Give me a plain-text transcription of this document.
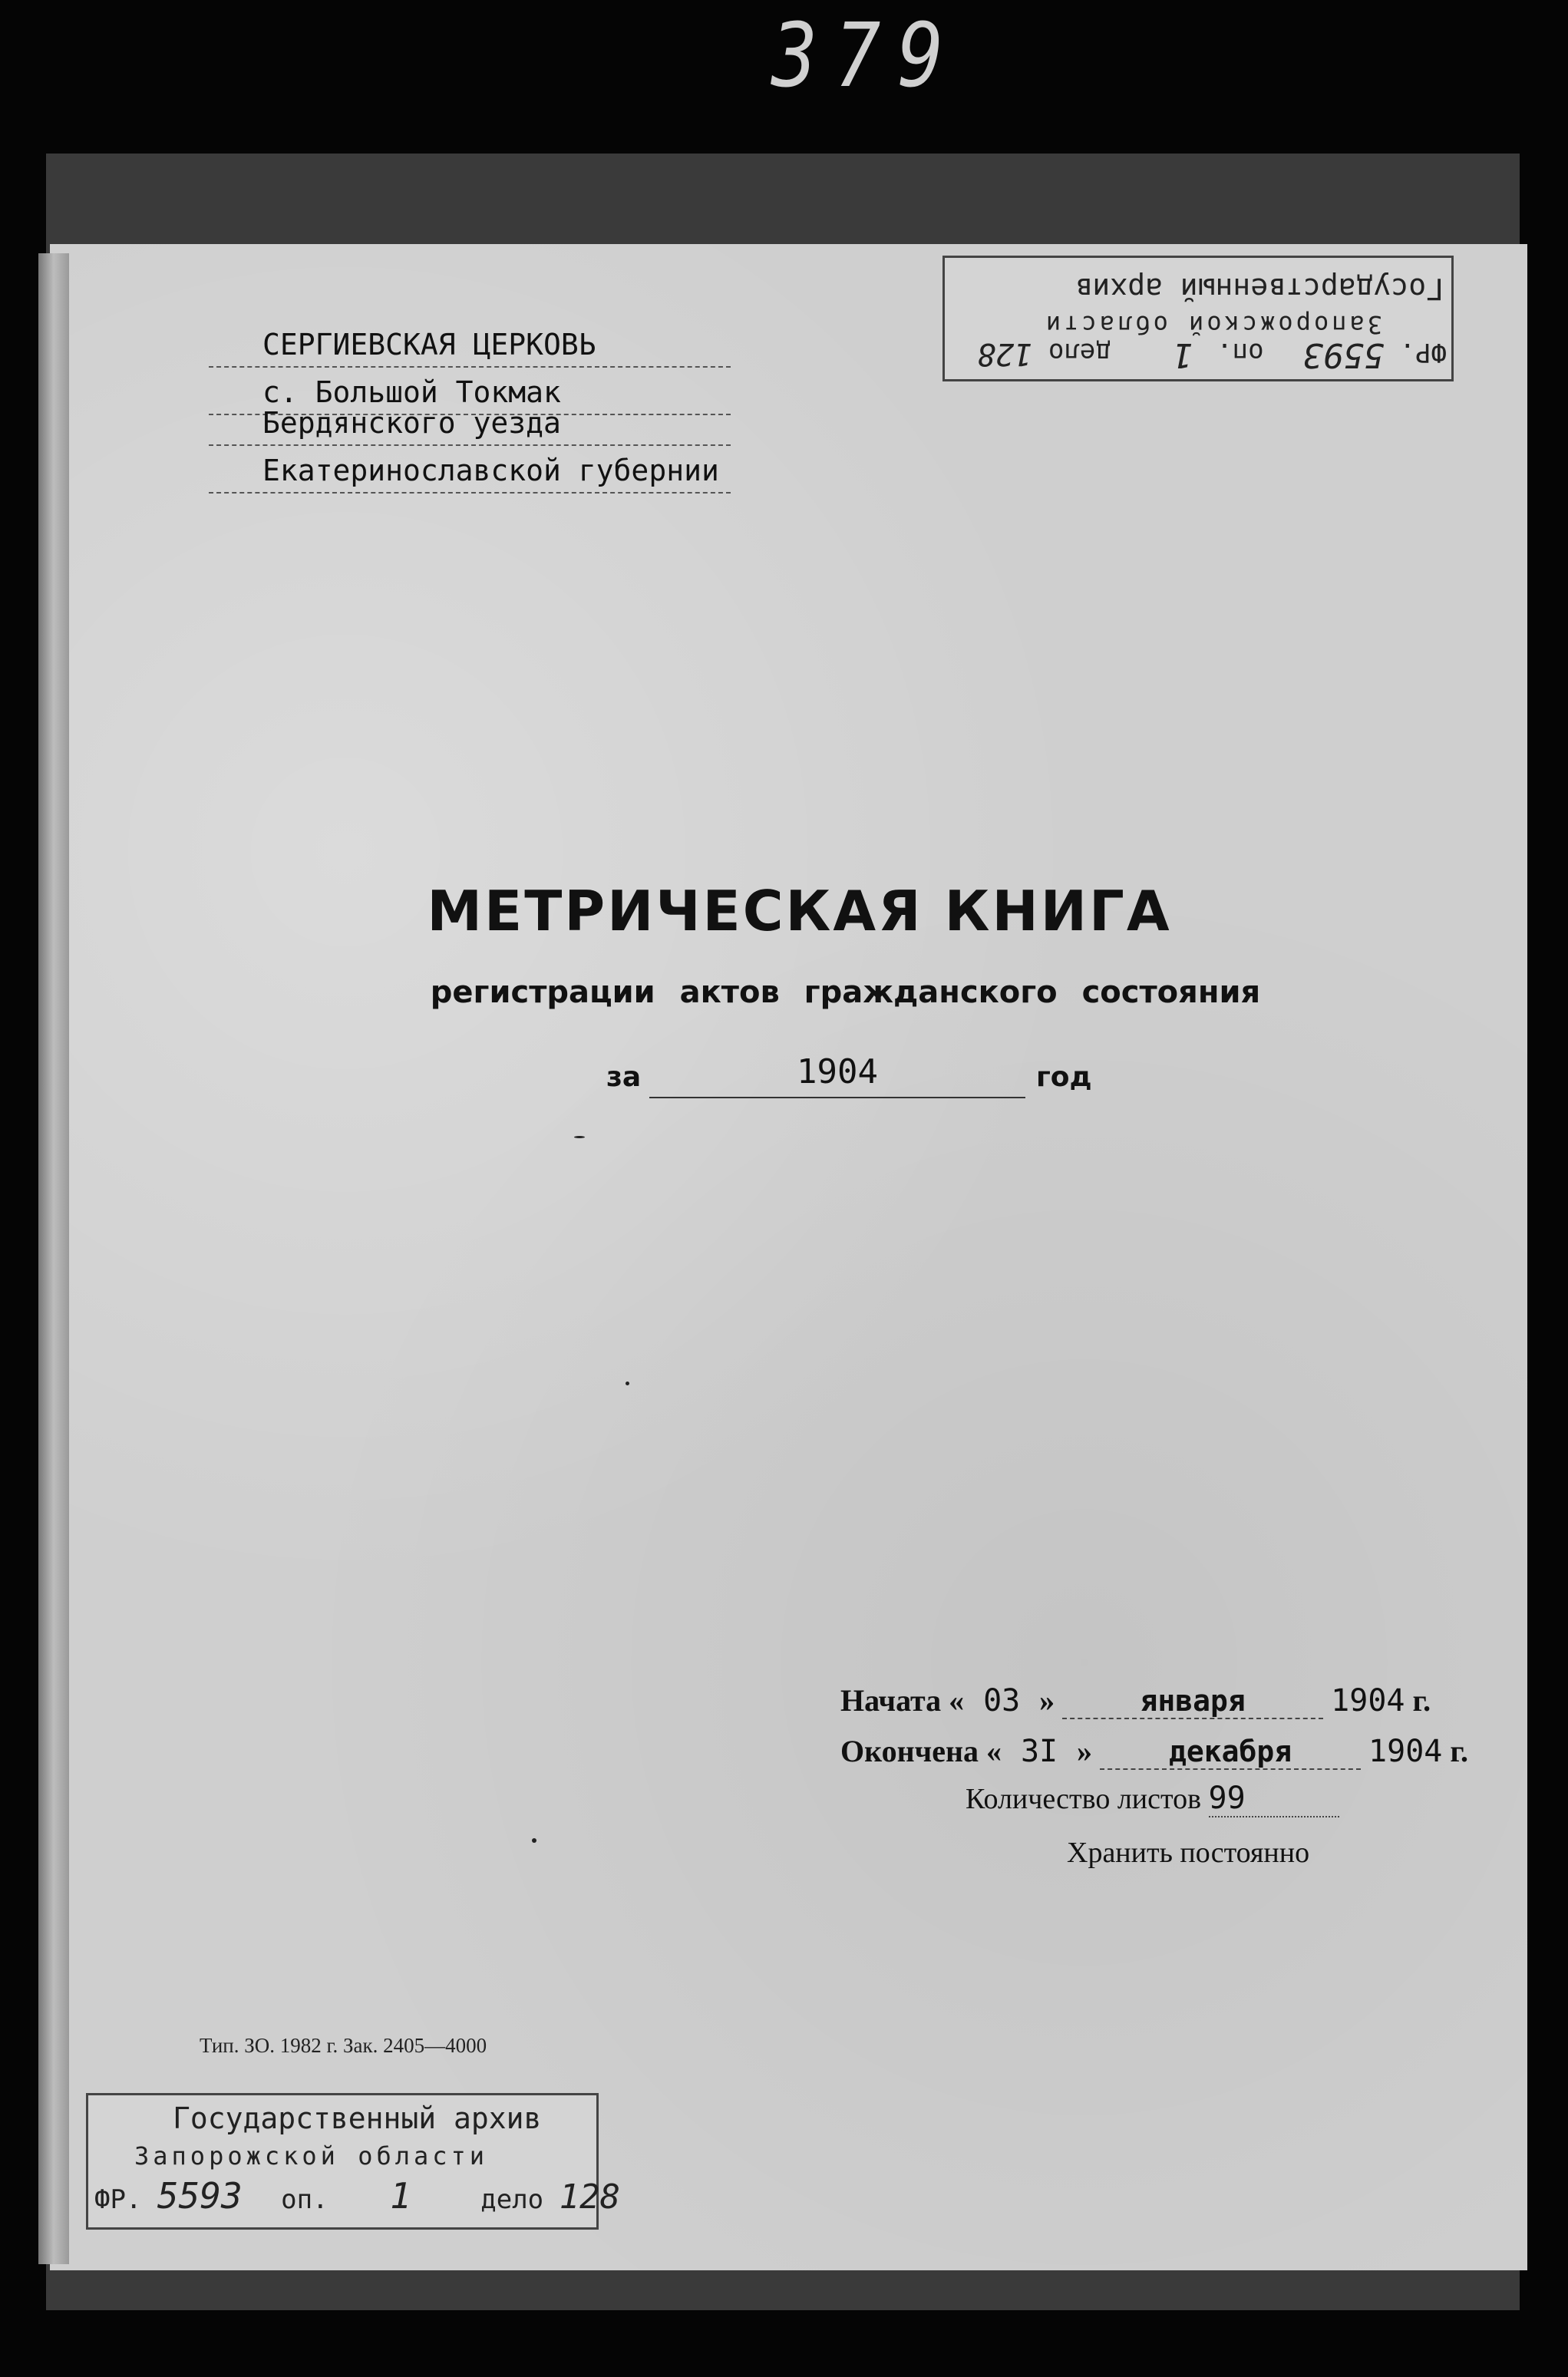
379
Государственный архив
Запорожской области
ФР. 5593 оп. 1 дело 128
СЕРГИЕВСКАЯ ЦЕРКОВЬ
с. Большой Токмак
Бердянского уезда
Екатеринославской губернии
МЕТРИЧЕСКАЯ КНИГА
регистрации актов гражданского состояния
за	1904	год
Начата « 03 »	января	1904 г.
Окончена « 3I »	декабря 1904 г.
Количество листов 99
Хранить постоянно
Тип. ЗО. 1982 г. Зак. 2405—4000
Государственный архив
Запорожской области
ФР. 5593 оп. 1	дело 128
